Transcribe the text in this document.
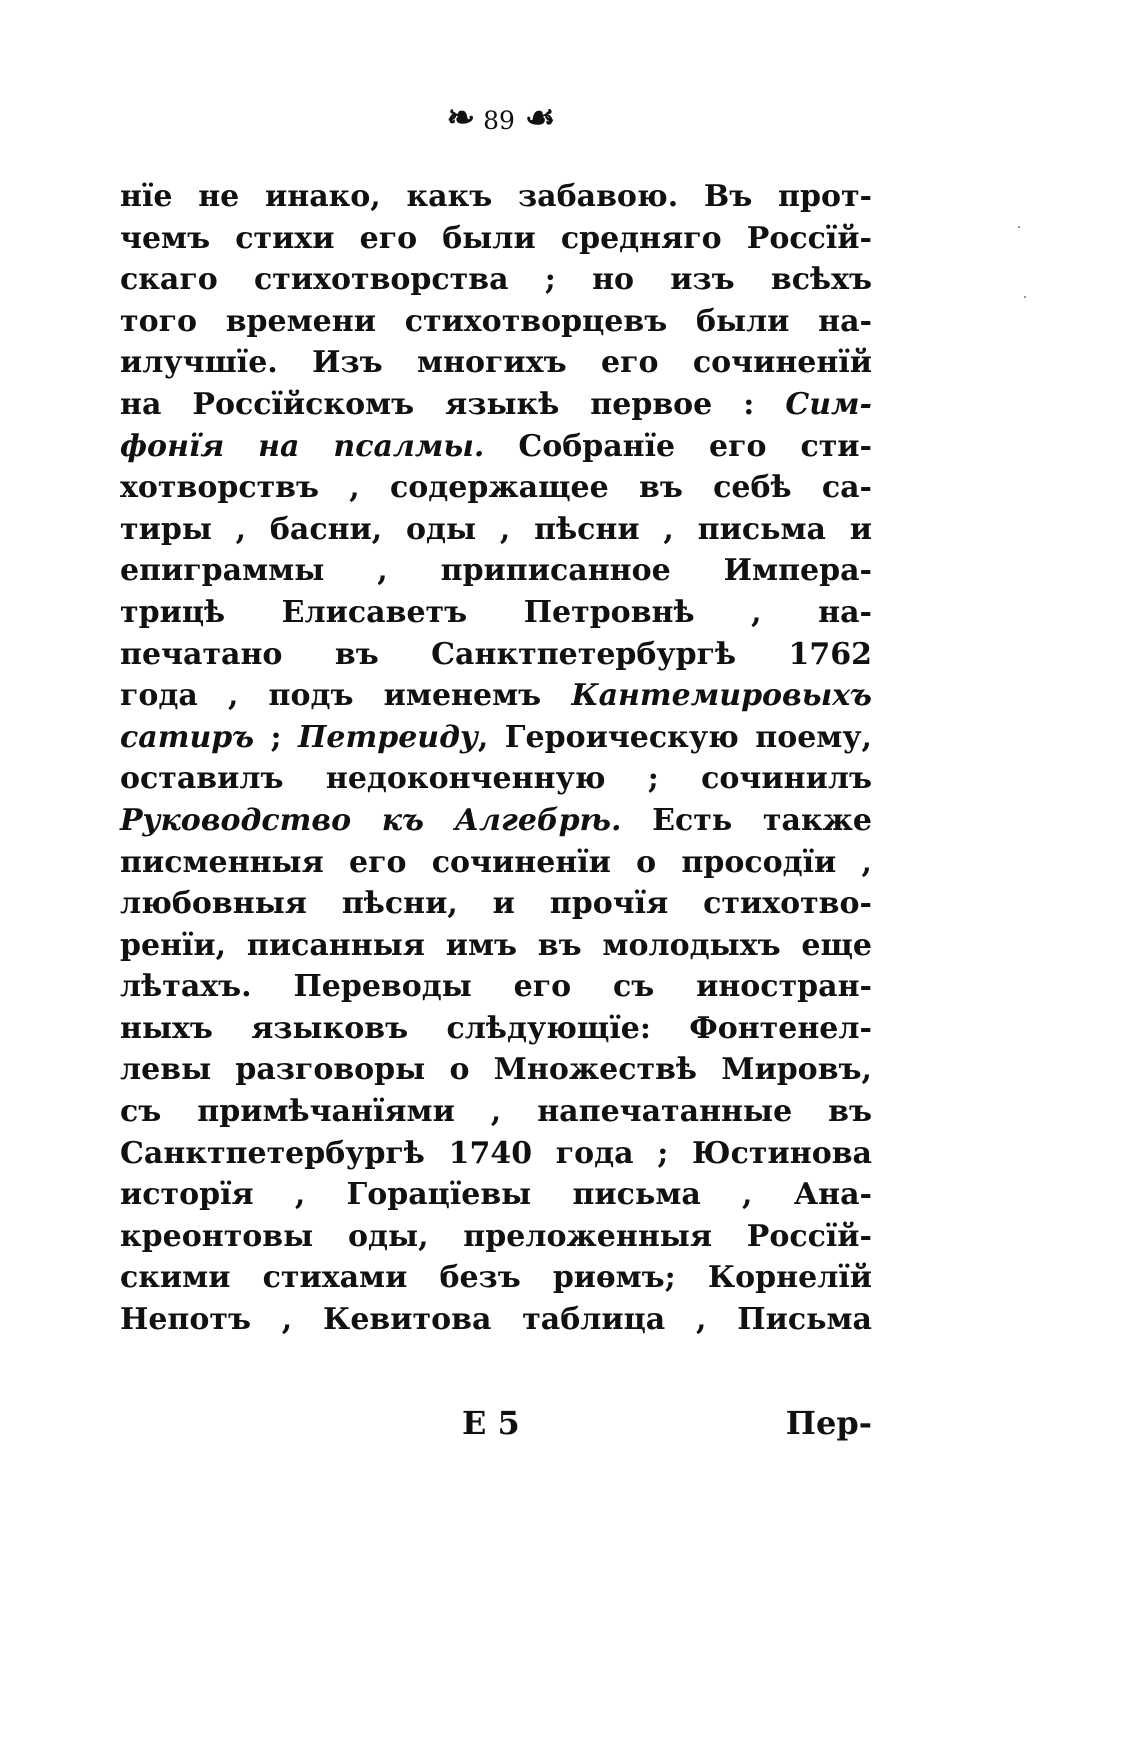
❧ 89 ☙
нїе не инако, какъ забавою. Въ прот-
чемъ стихи его были средняго Россїй-
скаго стихотворства ; но изъ всѣхъ
того времени стихотворцевъ были на-
илучшїе. Изъ многихъ его сочиненїй
на Россїйскомъ языкѣ первое : Сим-
фонїя на псалмы. Собранїе его сти-
хотворствъ , содержащее въ себѣ са-
тиры , басни, оды , пѣсни , письма и
епиграммы , приписанное Импера-
трицѣ Елисаветъ Петровнѣ , на-
печатано въ Санктпетербургѣ 1762
года , подъ именемъ Кантемировыхъ
сатиръ ; Петреиду, Героическую поему,
оставилъ недоконченную ; сочинилъ
Руководство къ Алгебрѣ. Есть также
писменныя его сочиненїи о просодїи ,
любовныя пѣсни, и прочїя стихотво-
ренїи, писанныя имъ въ молодыхъ еще
лѣтахъ. Переводы его съ иностран-
ныхъ языковъ слѣдующїе: Фонтенел-
левы разговоры о Множествѣ Мировъ,
съ примѣчанїями , напечатанные въ
Санктпетербургѣ 1740 года ; Юстинова
исторїя , Горацїевы письма , Ана-
креонтовы оды, преложенныя Россїй-
скими стихами безъ риѳмъ; Корнелїй
Непотъ , Кевитова таблица , Письма
Е 5	Пер-
